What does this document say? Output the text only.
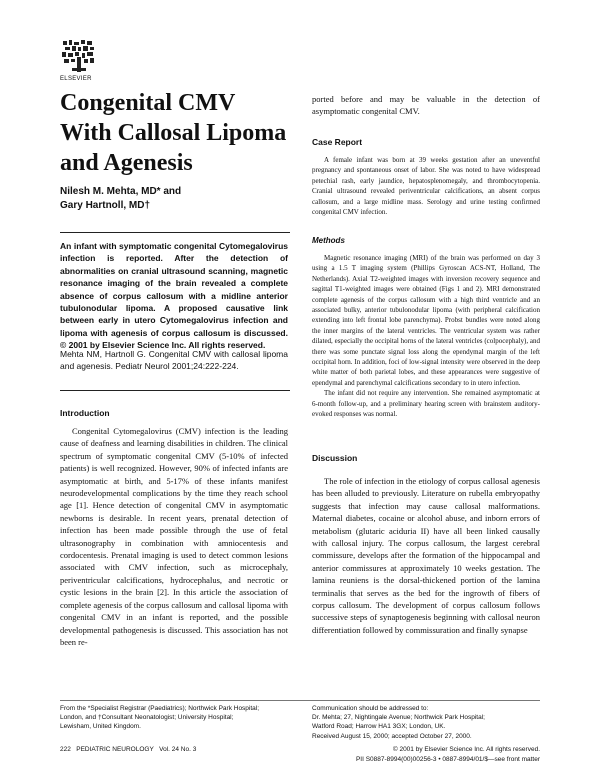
ELSEVIER
Congenital CMV With Callosal Lipoma and Agenesis
Nilesh M. Mehta, MD* and
Gary Hartnoll, MD†
An infant with symptomatic congenital Cytomegalovirus infection is reported. After the detection of abnormalities on cranial ultrasound scanning, magnetic resonance imaging of the brain revealed a complete absence of corpus callosum with a midline anterior tubulonodular lipoma. A proposed causative link between early in utero Cytomegalovirus infection and lipoma with agenesis of corpus callosum is discussed. © 2001 by Elsevier Science Inc. All rights reserved.
Mehta NM, Hartnoll G. Congenital CMV with callosal lipoma and agenesis. Pediatr Neurol 2001;24:222-224.
Introduction

Congenital Cytomegalovirus (CMV) infection is the leading cause of deafness and learning disabilities in children. The clinical spectrum of symptomatic congenital CMV (5-10% of infected patients) is well recognized. However, 90% of infected infants are asymptomatic at birth, and 5-17% of these infants manifest neurodevelopmental complications by the time they reach school age [1]. Hence detection of congenital CMV in asymptomatic newborns is desirable. In recent years, prenatal detection of infection has been made possible through the use of fetal ultrasonography in combination with amniocentesis and cordocentesis. Prenatal imaging is used to detect common lesions associated with CMV infection, such as microcephaly, periventricular calcifications, hydrocephalus, and necrotic or cystic lesions in the brain [2]. In this article the association of complete agenesis of the corpus callosum and callosal lipoma with congenital CMV in an infant is reported, and the possible developmental pathogenesis is discussed. This association has not been re-

ported before and may be valuable in the detection of asymptomatic congenital CMV.

Case Report

A female infant was born at 39 weeks gestation after an uneventful pregnancy and spontaneous onset of labor. She was noted to have widespread petechial rash, early jaundice, hepatosplenomegaly, and thrombocytopenia. Cranial ultrasound revealed periventricular calcifications, an absent corpus callosum, and a large midline mass. Serology and urine testing confirmed congenital CMV infection.

Methods

Magnetic resonance imaging (MRI) of the brain was performed on day 3 using a 1.5 T imaging system (Phillips Gyroscan ACS-NT, Holland, The Netherlands). Axial T2-weighted images with inversion recovery sequence and sagittal T1-weighted images were obtained (Figs 1 and 2). MRI demonstrated complete agenesis of the corpus callosum with a high third ventricle and an associated bulky, anterior tubulonodular lipoma (with peripheral calcification extending into left frontal lobe parenchyma). Probst bundles were noted along the inner margins of the lateral ventricles. The ventricular system was rather dilated, especially the occipital horns of the lateral ventricles (colpocephaly), and there was some punctate signal loss along the ependymal margin of the left occipital horn. In addition, foci of low-signal intensity were observed in the deep white matter of both parietal lobes, and these appearances were suggestive of ependymal and parenchymal calcifications secondary to in utero infection.

The infant did not require any intervention. She remained asymptomatic at 6-month follow-up, and a preliminary hearing screen with brainstem auditory-evoked responses was normal.

Discussion

The role of infection in the etiology of corpus callosal agenesis has been alluded to previously. Literature on rubella embryopathy suggests that infection may cause callosal malformations. Maternal diabetes, cocaine or alcohol abuse, and inborn errors of metabolism (glutaric aciduria II) have all been linked causally with callosal injury. The corpus callosum, the largest cerebral commissure, develops after the formation of the hippocampal and anterior commissures at approximately 10 weeks gestation. The lamina reuniens is the dorsal-thickened portion of the lamina terminalis that serves as the bed for the ingrowth of fibers of corpus callosum. The development of corpus callosum follows successive steps of synaptogenesis beginning with callosal neuron differentiation followed by commissuration and finally synapse

From the *Specialist Registrar (Paediatrics); Northwick Park Hospital;
London, and †Consultant Neonatologist; University Hospital;
Lewisham, United Kingdom.
Communication should be addressed to:
Dr. Mehta; 27, Nightingale Avenue; Northwick Park Hospital;
Watford Road; Harrow HA1 3GX; London, UK.
Received August 15, 2000; accepted October 27, 2000.
222   PEDIATRIC NEUROLOGY   Vol. 24 No. 3	© 2001 by Elsevier Science Inc. All rights reserved.
PII S0887-8994(00)00256-3 • 0887-8994/01/$—see front matter
